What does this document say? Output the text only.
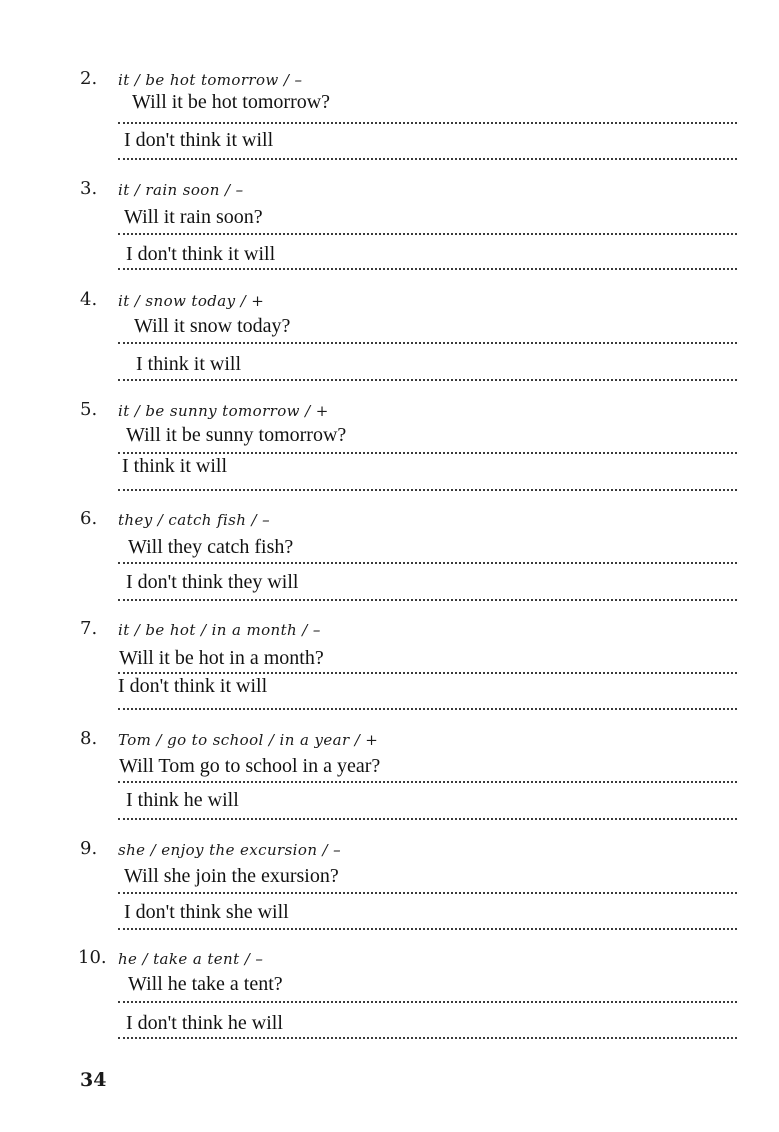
2. it / be hot tomorrow / –
Will it be hot tomorrow?
I don't think it will
3. it / rain soon / –
Will it rain soon?
I don't think it will
4. it / snow today / +
Will it snow today?
I think it will
5. it / be sunny tomorrow / +
Will it be sunny tomorrow?
I think it will
6. they / catch fish / –
Will they catch fish?
I don't think they will
7. it / be hot / in a month / –
Will it be hot in a month?
I don't think it will
8. Tom / go to school / in a year / +
Will Tom go to school in a year?
I think he will
9. she / enjoy the excursion / –
Will she join the exursion?
I don't think she will
10. he / take a tent / –
Will he take a tent?
I don't think he will
34
